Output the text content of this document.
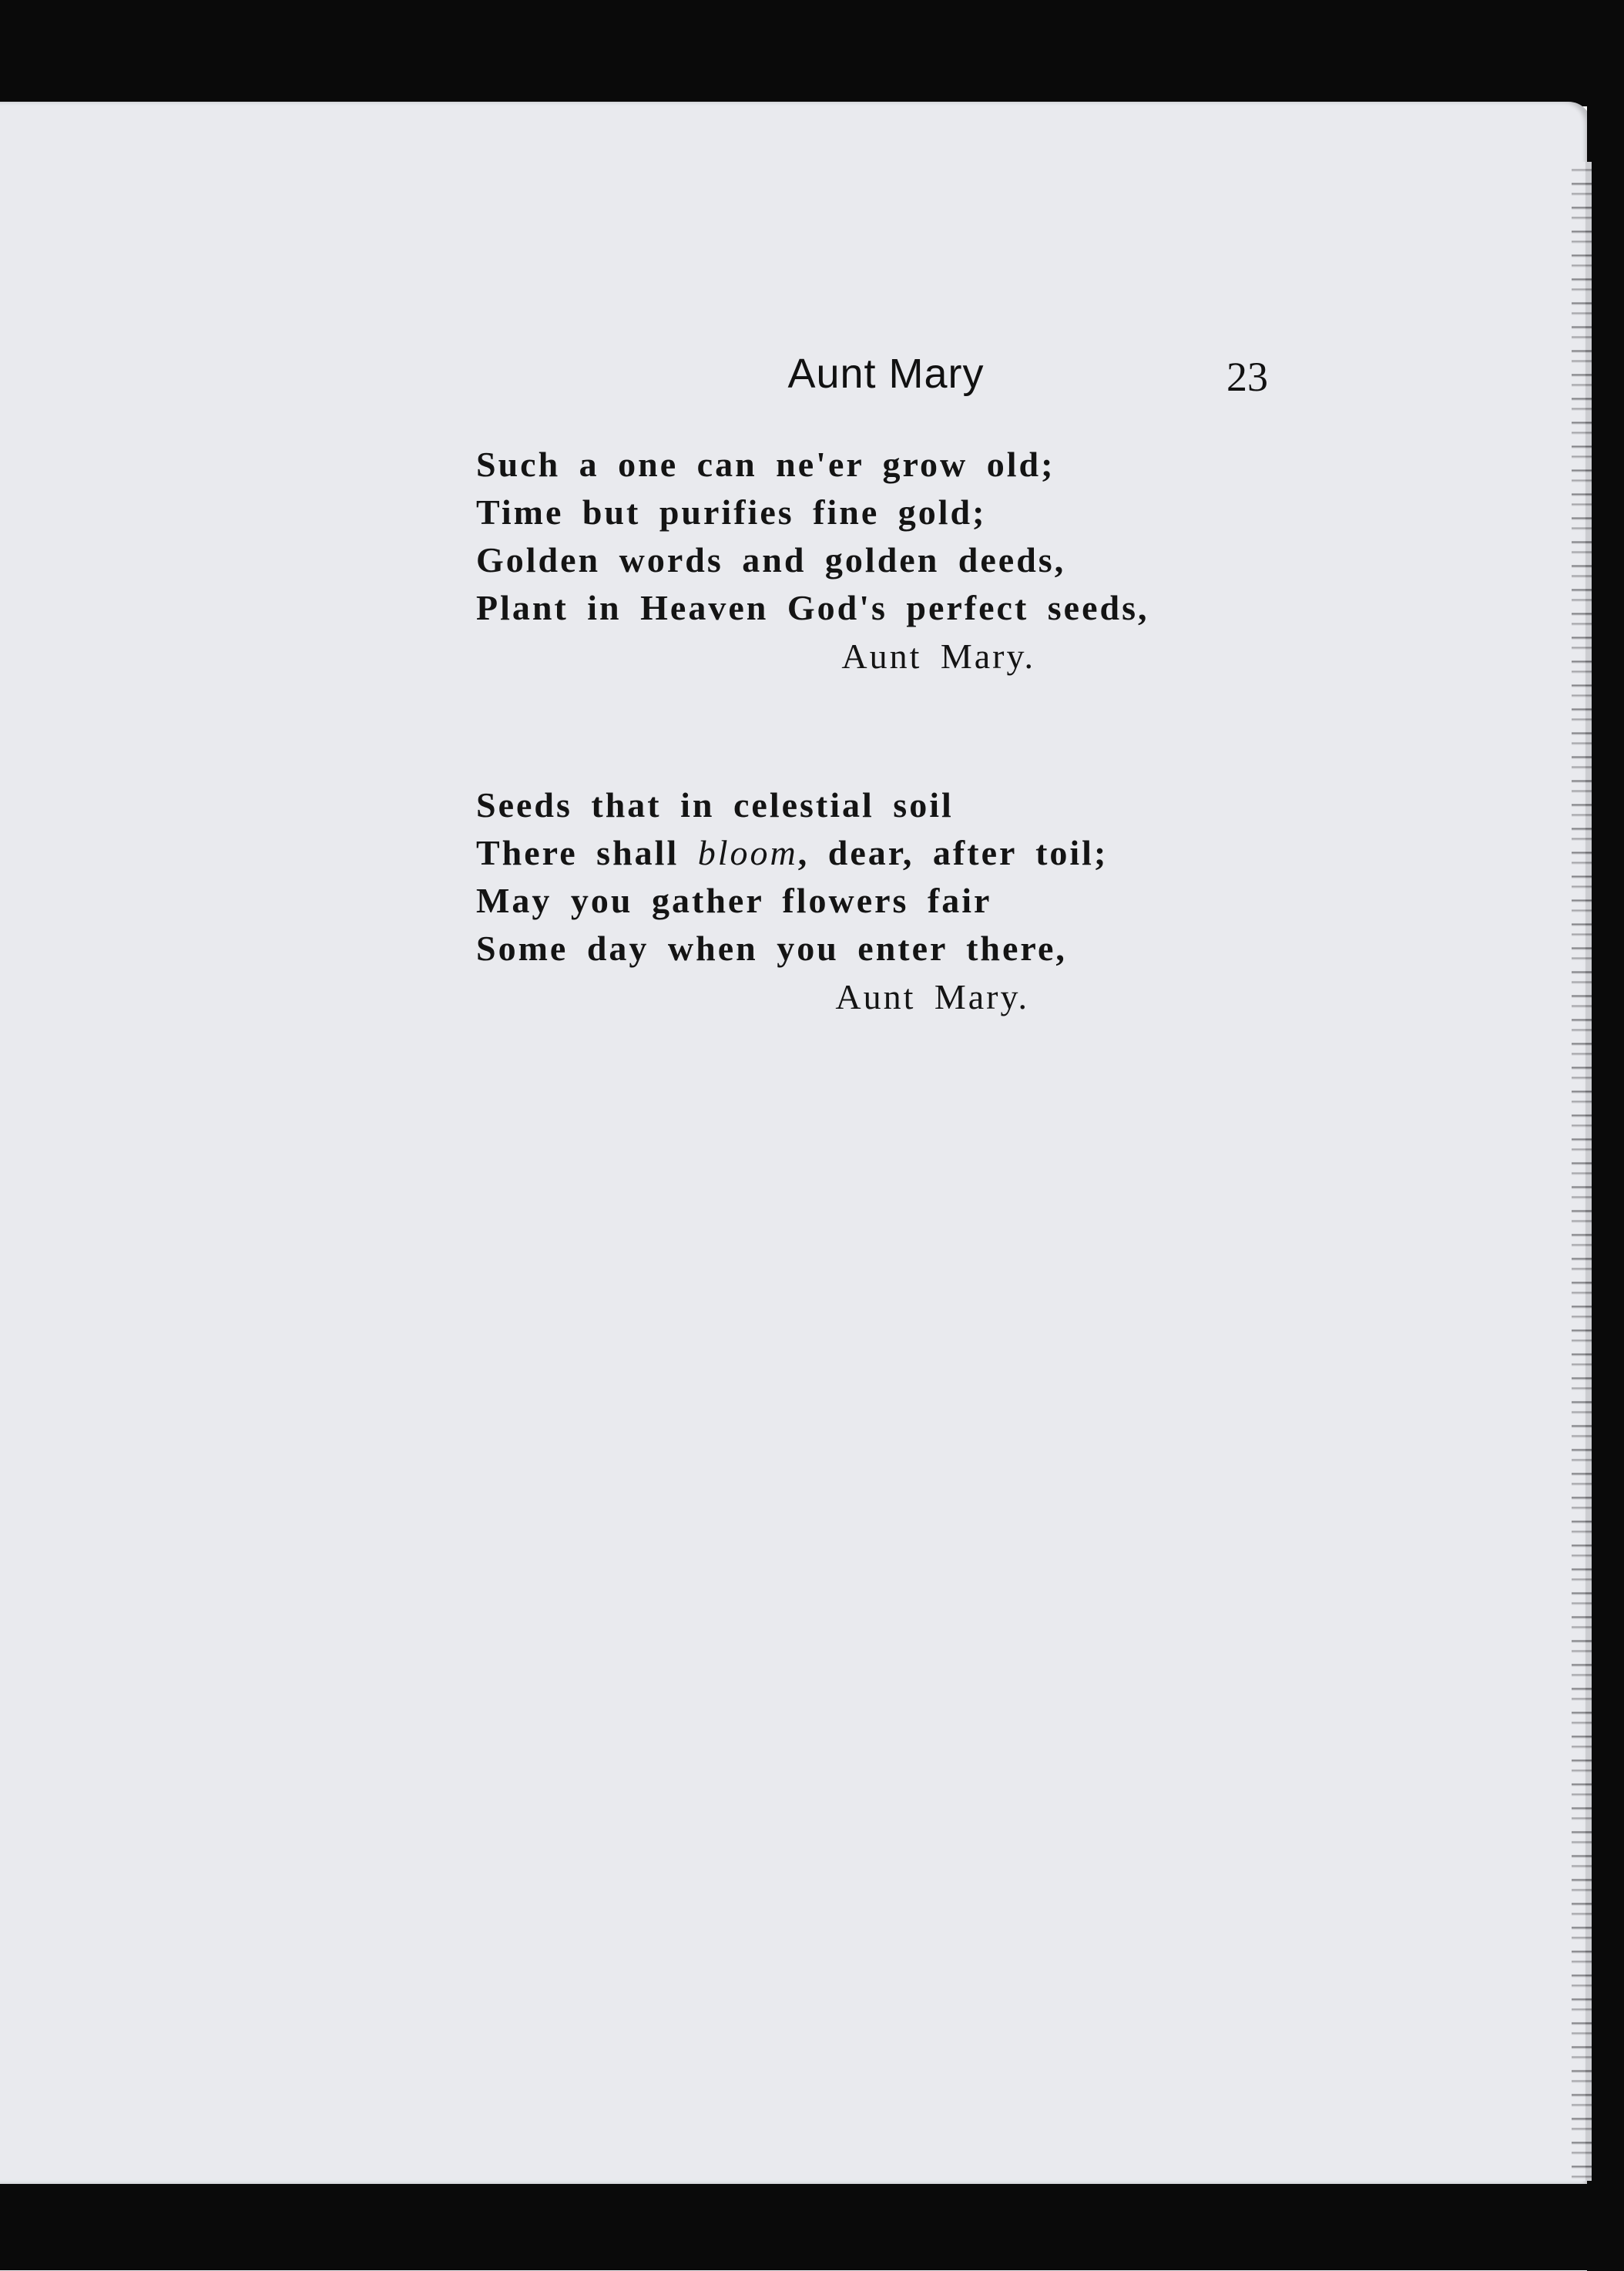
Aunt Mary	23
Such a one can ne'er grow old;
Time but purifies fine gold;
Golden words and golden deeds,
Plant in Heaven God's perfect seeds,
Aunt Mary.
Seeds that in celestial soil
There shall bloom, dear, after toil;
May you gather flowers fair
Some day when you enter there,
Aunt Mary.
